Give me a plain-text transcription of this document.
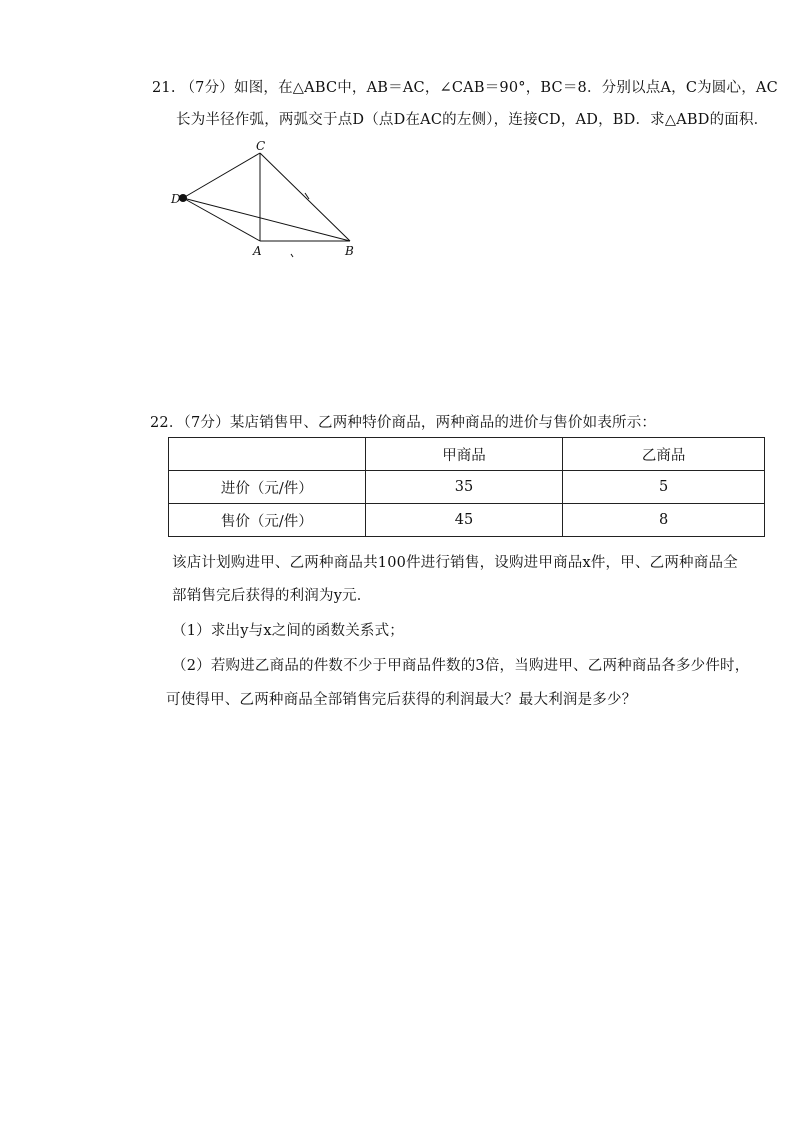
21. （7分）如图，在△ABC中，AB＝AC，∠CAB＝90°，BC＝8．分别以点A，C为圆心，AC
长为半径作弧，两弧交于点D（点D在AC的左侧），连接CD，AD，BD．求△ABD的面积．
C
D
A	B
22．（7分）某店销售甲、乙两种特价商品，两种商品的进价与售价如表所示：
	甲商品	乙商品
进价（元/件）	35	5
售价（元/件）	45	8
该店计划购进甲、乙两种商品共100件进行销售，设购进甲商品x件，甲、乙两种商品全
部销售完后获得的利润为y元．
（1）求出y与x之间的函数关系式；
（2）若购进乙商品的件数不少于甲商品件数的3倍，当购进甲、乙两种商品各多少件时，
可使得甲、乙两种商品全部销售完后获得的利润最大？最大利润是多少？
